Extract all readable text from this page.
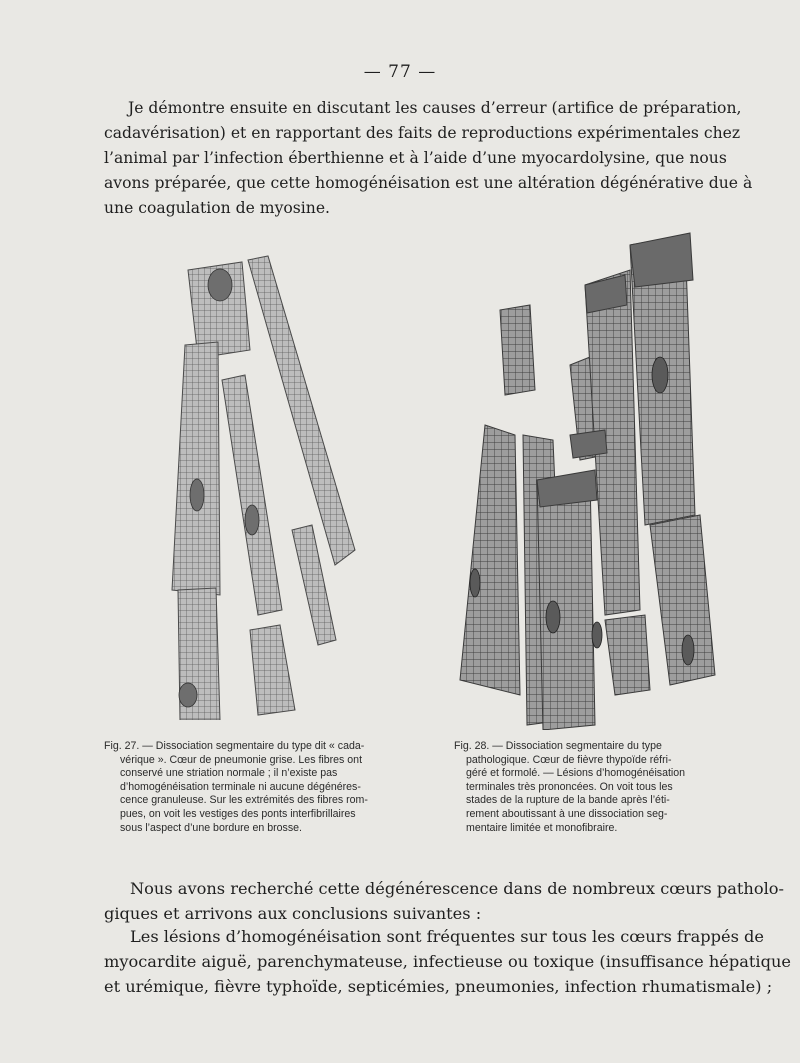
— 77 —

Je démontre ensuite en discutant les causes d’erreur (artifice de préparation,
cadavérisation) et en rapportant des faits de reproductions expérimentales chez
l’animal par l’infection éberthienne et à l’aide d’une myocardolysine, que nous
avons préparée, que cette homogénéisation est une altération dégénérative due à
une coagulation de myosine.

Fig. 27. — Dissociation segmentaire du type dit « cada-
vérique ». Cœur de pneumonie grise. Les fibres ont
conservé une striation normale ; il n’existe pas
d’homogénéisation terminale ni aucune dégénéres-
cence granuleuse. Sur les extrémités des fibres rom-
pues, on voit les vestiges des ponts interfibrillaires
sous l’aspect d’une bordure en brosse.
Fig. 28. — Dissociation segmentaire du type
pathologique. Cœur de fièvre thypoïde réfri-
géré et formolé. — Lésions d’homogénéisation
terminales très prononcées. On voit tous les
stades de la rupture de la bande après l’éti-
rement aboutissant à une dissociation seg-
mentaire limitée et monofibraire.

Nous avons recherché cette dégénérescence dans de nombreux cœurs patholo-
giques et arrivons aux conclusions suivantes :

Les lésions d’homogénéisation sont fréquentes sur tous les cœurs frappés de
myocardite aiguë, parenchymateuse, infectieuse ou toxique (insuffisance hépatique
et urémique, fièvre typhoïde, septicémies, pneumonies, infection rhumatismale) ;
